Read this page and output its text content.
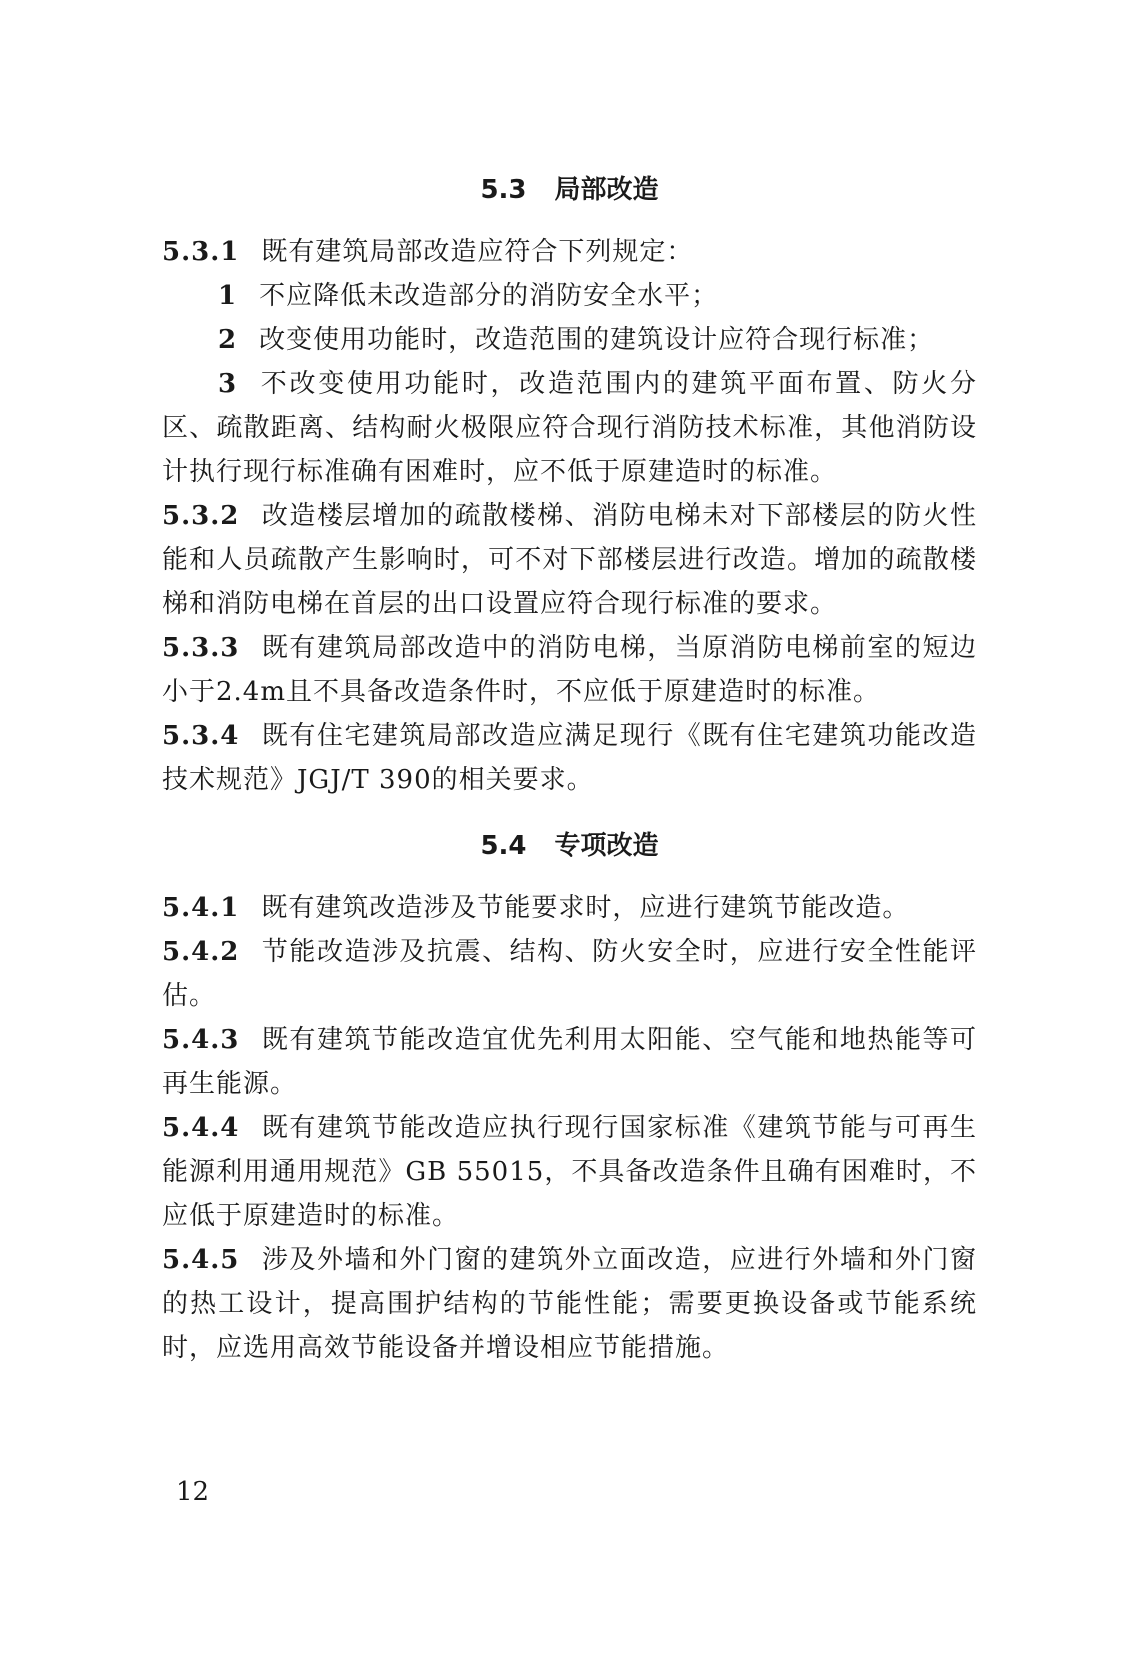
5.3 局部改造

5.3.1 既有建筑局部改造应符合下列规定：

1 不应降低未改造部分的消防安全水平；

2 改变使用功能时，改造范围的建筑设计应符合现行标准；

3 不改变使用功能时，改造范围内的建筑平面布置、防火分区、疏散距离、结构耐火极限应符合现行消防技术标准，其他消防设计执行现行标准确有困难时，应不低于原建造时的标准。

5.3.2 改造楼层增加的疏散楼梯、消防电梯未对下部楼层的防火性能和人员疏散产生影响时，可不对下部楼层进行改造。增加的疏散楼梯和消防电梯在首层的出口设置应符合现行标准的要求。

5.3.3 既有建筑局部改造中的消防电梯，当原消防电梯前室的短边小于2.4m且不具备改造条件时，不应低于原建造时的标准。

5.3.4 既有住宅建筑局部改造应满足现行《既有住宅建筑功能改造技术规范》JGJ/T 390的相关要求。

5.4 专项改造

5.4.1 既有建筑改造涉及节能要求时，应进行建筑节能改造。

5.4.2 节能改造涉及抗震、结构、防火安全时，应进行安全性能评估。

5.4.3 既有建筑节能改造宜优先利用太阳能、空气能和地热能等可再生能源。

5.4.4 既有建筑节能改造应执行现行国家标准《建筑节能与可再生能源利用通用规范》GB 55015，不具备改造条件且确有困难时，不应低于原建造时的标准。

5.4.5 涉及外墙和外门窗的建筑外立面改造，应进行外墙和外门窗的热工设计，提高围护结构的节能性能；需要更换设备或节能系统时，应选用高效节能设备并增设相应节能措施。

12
